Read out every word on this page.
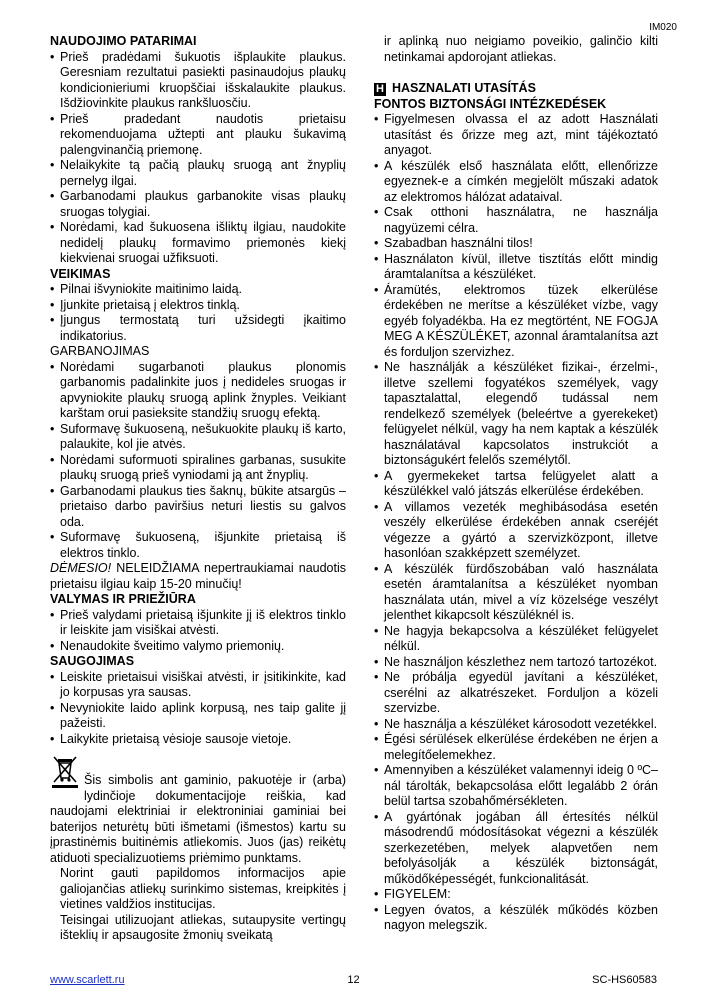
IM020

NAUDOJIMO PATARIMAI

• Prieš pradėdami šukuotis išplaukite plaukus. Geresniam rezultatui pasiekti pasinaudojus plaukų kondicionieriumi kruopščiai išskalaukite plaukus. Išdžiovinkite plaukus rankšluosčiu.
• Prieš pradedant naudotis prietaisu rekomenduojama užtepti ant plauku šukavimą palengvinančią priemonę.
• Nelaikykite tą pačią plaukų sruogą ant žnyplių pernelyg ilgai.
• Garbanodami plaukus garbanokite visas plaukų sruogas tolygiai.
• Norėdami, kad šukuosena išliktų ilgiau, naudokite nedidelį plaukų formavimo priemonės kiekį kiekvienai sruogai užfiksuoti.

VEIKIMAS

• Pilnai išvyniokite maitinimo laidą.
• Įjunkite prietaisą į elektros tinklą.
• Įjungus termostatą turi užsidegti įkaitimo indikatorius.

GARBANOJIMAS

• Norėdami sugarbanoti plaukus plonomis garbanomis padalinkite juos į nedideles sruogas ir apvyniokite plaukų sruogą aplink žnyples. Veikiant karštam orui pasieksite standžių sruogų efektą.
• Suformavę šukuoseną, nešukuokite plaukų iš karto, palaukite, kol jie atvės.
• Norėdami suformuoti spiralines garbanas, susukite plaukų sruogą prieš vyniodami ją ant žnyplių.
• Garbanodami plaukus ties šaknų, būkite atsargūs – prietaiso darbo paviršius neturi liestis su galvos oda.
• Suformavę šukuoseną, išjunkite prietaisą iš elektros tinklo.

DĖMESIO! NELEIDŽIAMA nepertraukiamai naudotis prietaisu ilgiau kaip 15-20 minučių!

VALYMAS IR PRIEŽIŪRA

• Prieš valydami prietaisą išjunkite jį iš elektros tinklo ir leiskite jam visiškai atvėsti.
• Nenaudokite šveitimo valymo priemonių.

SAUGOJIMAS

• Leiskite prietaisui visiškai atvėsti, ir įsitikinkite, kad jo korpusas yra sausas.
• Nevyniokite laido aplink korpusą, nes taip galite jį pažeisti.
• Laikykite prietaisą vėsioje sausoje vietoje.

Šis simbolis ant gaminio, pakuotėje ir (arba) lydinčioje dokumentacijoje reiškia, kad naudojami elektriniai ir elektroniniai gaminiai bei baterijos neturėtų būti išmetami (išmestos) kartu su įprastinėmis buitinėmis atliekomis. Juos (jas) reikėtų atiduoti specializuotiems priėmimo punktams.

Norint gauti papildomos informacijos apie galiojančias atliekų surinkimo sistemas, kreipkitės į vietines valdžios institucijas.

Teisingai utilizuojant atliekas, sutaupysite vertingų išteklių ir apsaugosite žmonių sveikatą

ir aplinką nuo neigiamo poveikio, galinčio kilti netinkamai apdorojant atliekas.

H HASZNALATI UTASÍTÁS

FONTOS BIZTONSÁGI INTÉZKEDÉSEK

• Figyelmesen olvassa el az adott Használati utasítást és őrizze meg azt, mint tájékoztató anyagot.
• A készülék első használata előtt, ellenőrizze egyeznek-e a címkén megjelölt műszaki adatok az elektromos hálózat adataival.
• Csak otthoni használatra, ne használja nagyüzemi célra.
• Szabadban használni tilos!
• Használaton kívül, illetve tisztítás előtt mindig áramtalanítsa a készüléket.
• Áramütés, elektromos tüzek elkerülése érdekében ne merítse a készüléket vízbe, vagy egyéb folyadékba. Ha ez megtörtént, NE FOGJA MEG A KÉSZÜLÉKET, azonnal áramtalanítsa azt és forduljon szervizhez.
• Ne használják a készüléket fizikai-, érzelmi-, illetve szellemi fogyatékos személyek, vagy tapasztalattal, elegendő tudással nem rendelkező személyek (beleértve a gyerekeket) felügyelet nélkül, vagy ha nem kaptak a készülék használatával kapcsolatos instrukciót a biztonságukért felelős személytől.
• A gyermekeket tartsa felügyelet alatt a készülékkel való játszás elkerülése érdekében.
• A villamos vezeték meghibásodása esetén veszély elkerülése érdekében annak cseréjét végezze a gyártó a szervizközpont, illetve hasonlóan szakképzett személyzet.
• A készülék fürdőszobában való használata esetén áramtalanítsa a készüléket nyomban használata után, mivel a víz közelsége veszélyt jelenthet kikapcsolt készüléknél is.
• Ne hagyja bekapcsolva a készüléket felügyelet nélkül.
• Ne használjon készlethez nem tartozó tartozékot.
• Ne próbálja egyedül javítani a készüléket, cserélni az alkatrészeket. Forduljon a közeli szervizbe.
• Ne használja a készüléket károsodott vezetékkel.
• Égési sérülések elkerülése érdekében ne érjen a melegítőelemekhez.
• Amennyiben a készüléket valamennyi ideig 0 ºC–nál tárolták, bekapcsolása előtt legalább 2 órán belül tartsa szobahőmérsékleten.
• A gyártónak jogában áll értesítés nélkül másodrendű módosításokat végezni a készülék szerkezetében, melyek alapvetően nem befolyásolják a készülék biztonságát, működőképességét, funkcionalitását.
• FIGYELEM:
• Legyen óvatos, a készülék működés közben nagyon melegszik.
12
www.scarlett.ru	SC-HS60583
